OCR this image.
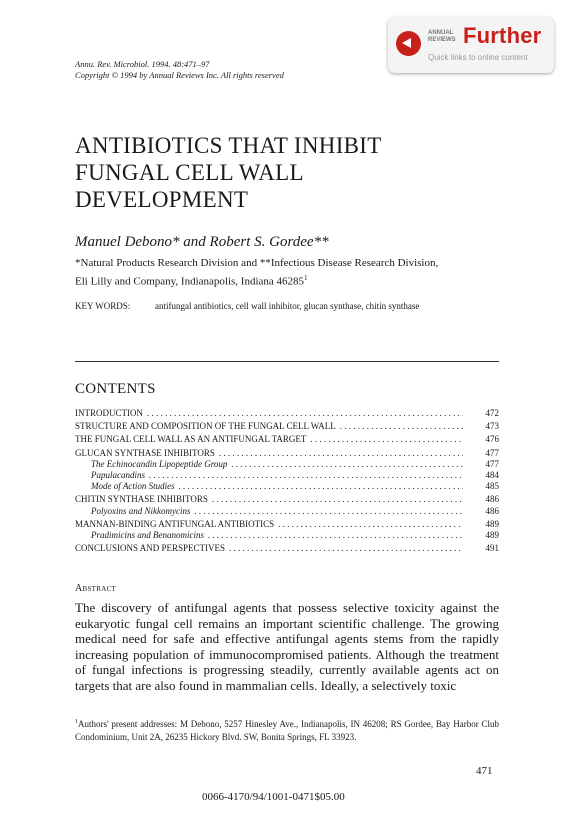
Annu. Rev. Microbiol. 1994. 48:471–97
Copyright © 1994 by Annual Reviews Inc. All rights reserved
ANNUAL
REVIEWS Further
Quick links to online content
ANTIBIOTICS THAT INHIBIT
FUNGAL CELL WALL
DEVELOPMENT
Manuel Debono* and Robert S. Gordee**
*Natural Products Research Division and **Infectious Disease Research Division,
Eli Lilly and Company, Indianapolis, Indiana 46285$^1$
KEY WORDS:	antifungal antibiotics, cell wall inhibitor, glucan synthase, chitin synthase
CONTENTS
INTRODUCTION . . .	472
STRUCTURE AND COMPOSITION OF THE FUNGAL CELL WALL . . .	473
THE FUNGAL CELL WALL AS AN ANTIFUNGAL TARGET . . .	476
GLUCAN SYNTHASE INHIBITORS . . .	477
The Echinocandin Lipopeptide Group . . .	477
Papulacandins . . .	484
Mode of Action Studies . . .	485
CHITIN SYNTHASE INHIBITORS . . .	486
Polyoxins and Nikkomycins . . .	486
MANNAN-BINDING ANTIFUNGAL ANTIBIOTICS . . .	489
Pradimicins and Benanomicins . . .	489
CONCLUSIONS AND PERSPECTIVES . . .	491
Abstract
The discovery of antifungal agents that possess selective toxicity against the eukaryotic fungal cell remains an important scientific challenge. The growing medical need for safe and effective antifungal agents stems from the rapidly increasing population of immunocompromised patients. Although the treatment of fungal infections is progressing steadily, currently available agents act on targets that are also found in mammalian cells. Ideally, a selectively toxic
$^1$Authors' present addresses: M Debono, 5257 Hinesley Ave., Indianapolis, IN 46208; RS Gordee, Bay Harbor Club Condominium, Unit 2A, 26235 Hickory Blvd. SW, Bonita Springs, FL 33923.
471
0066-4170/94/1001-0471$05.00
